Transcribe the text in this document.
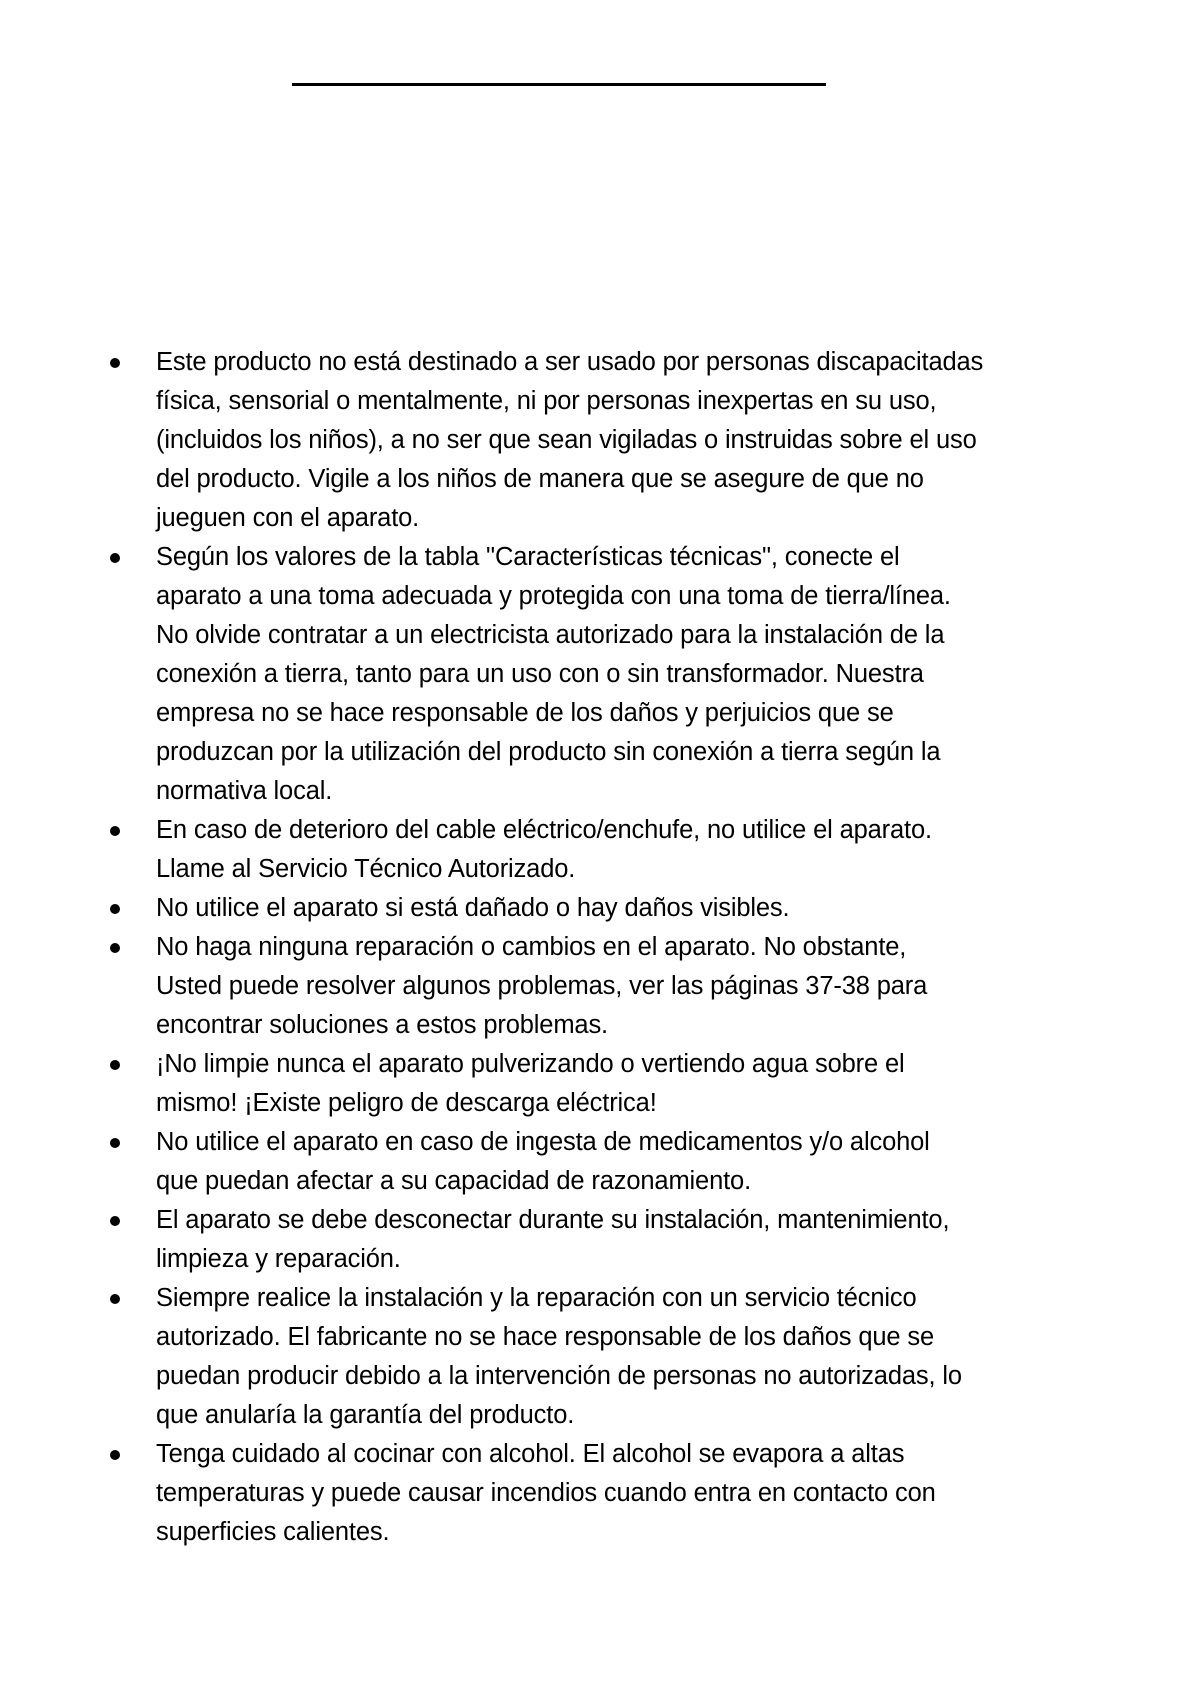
Este producto no está destinado a ser usado por personas discapacitadas
física, sensorial o mentalmente, ni por personas inexpertas en su uso,
(incluidos los niños), a no ser que sean vigiladas o instruidas sobre el uso
del producto. Vigile a los niños de manera que se asegure de que no
jueguen con el aparato.
Según los valores de la tabla "Características técnicas", conecte el
aparato a una toma adecuada y protegida con una toma de tierra/línea.
No olvide contratar a un electricista autorizado para la instalación de la
conexión a tierra, tanto para un uso con o sin transformador. Nuestra
empresa no se hace responsable de los daños y perjuicios que se
produzcan por la utilización del producto sin conexión a tierra según la
normativa local.
En caso de deterioro del cable eléctrico/enchufe, no utilice el aparato.
Llame al Servicio Técnico Autorizado.
No utilice el aparato si está dañado o hay daños visibles.
No haga ninguna reparación o cambios en el aparato. No obstante,
Usted puede resolver algunos problemas, ver las páginas 37-38 para
encontrar soluciones a estos problemas.
¡No limpie nunca el aparato pulverizando o vertiendo agua sobre el
mismo! ¡Existe peligro de descarga eléctrica!
No utilice el aparato en caso de ingesta de medicamentos y/o alcohol
que puedan afectar a su capacidad de razonamiento.
El aparato se debe desconectar durante su instalación, mantenimiento,
limpieza y reparación.
Siempre realice la instalación y la reparación con un servicio técnico
autorizado. El fabricante no se hace responsable de los daños que se
puedan producir debido a la intervención de personas no autorizadas, lo
que anularía la garantía del producto.
Tenga cuidado al cocinar con alcohol. El alcohol se evapora a altas
temperaturas y puede causar incendios cuando entra en contacto con
superficies calientes.
